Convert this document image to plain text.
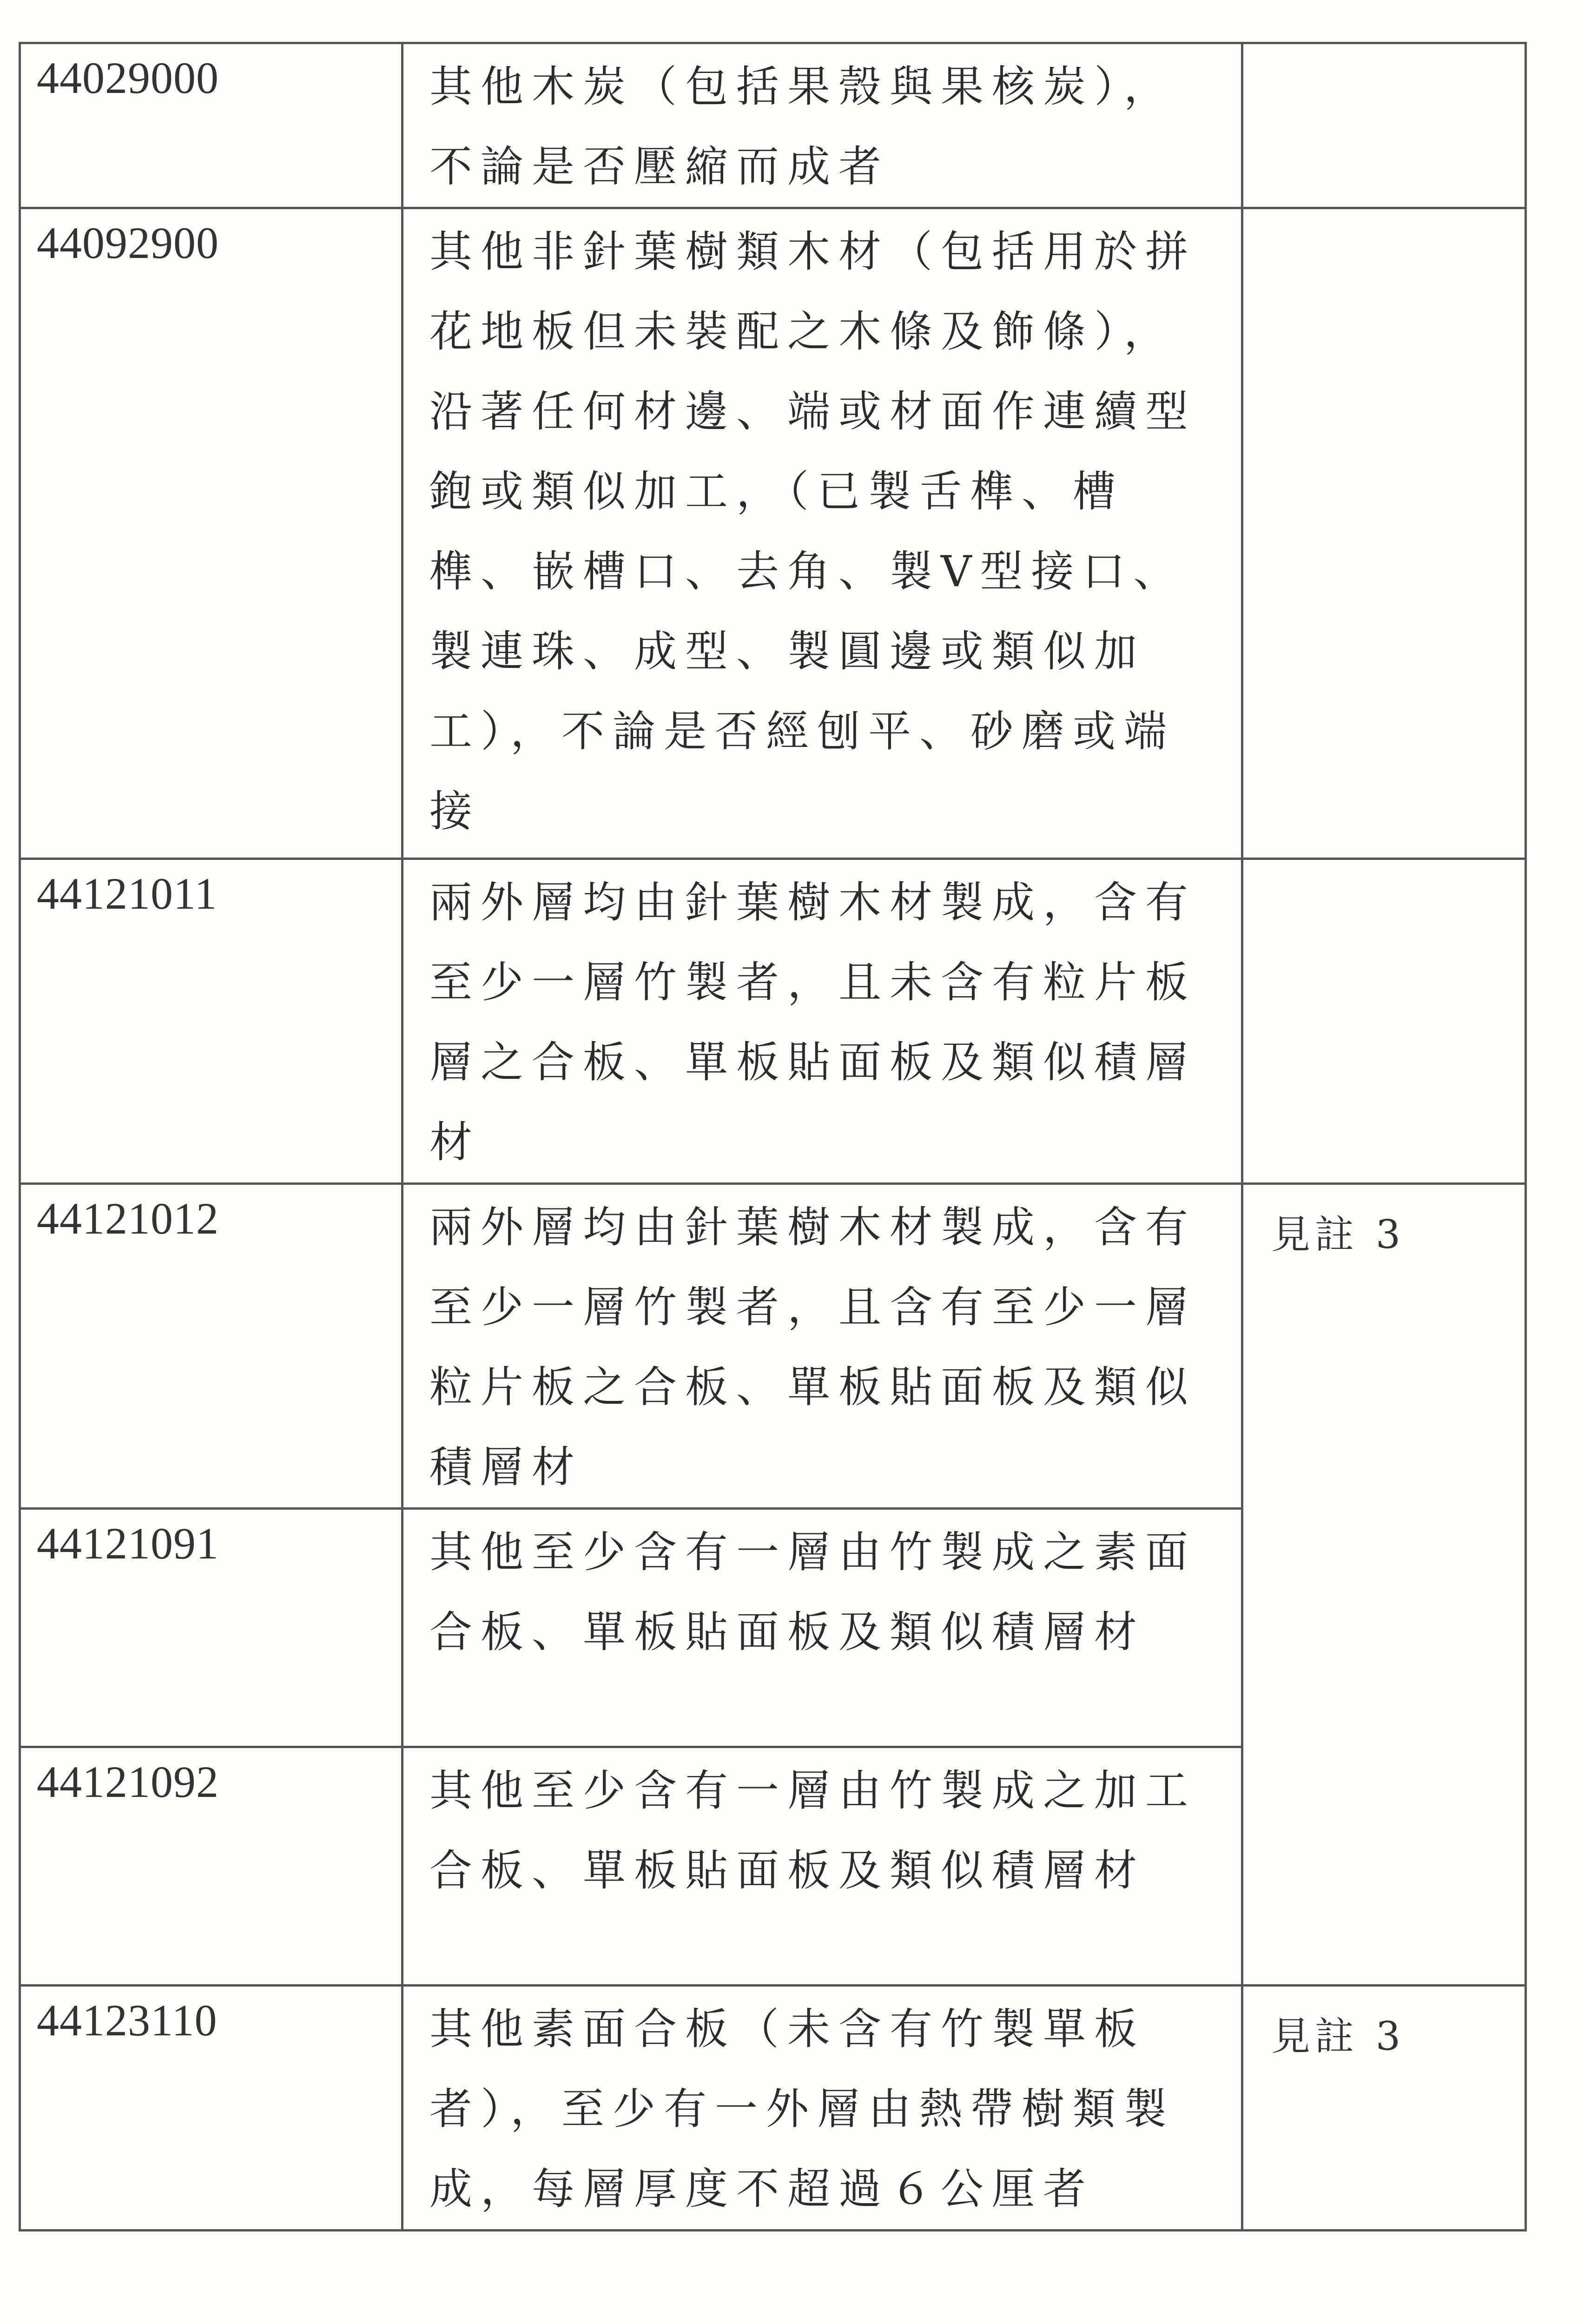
44029000	其他木炭（包括果殼與果核炭），不論是否壓縮而成者	

44092900	其他非針葉樹類木材（包括用於拼花地板但未裝配之木條及飾條），沿著任何材邊、端或材面作連續型鉋或類似加工，（已製舌榫、槽榫、嵌槽口、去角、製V型接口、製連珠、成型、製圓邊或類似加工），不論是否經刨平、砂磨或端接	

44121011	兩外層均由針葉樹木材製成，含有至少一層竹製者，且未含有粒片板層之合板、單板貼面板及類似積層材	

44121012	兩外層均由針葉樹木材製成，含有至少一層竹製者，且含有至少一層粒片板之合板、單板貼面板及類似積層材	見註 3

44121091	其他至少含有一層由竹製成之素面合板、單板貼面板及類似積層材	

44121092	其他至少含有一層由竹製成之加工合板、單板貼面板及類似積層材	

44123110	其他素面合板（未含有竹製單板者），至少有一外層由熱帶樹類製成，每層厚度不超過６公厘者	見註 3
